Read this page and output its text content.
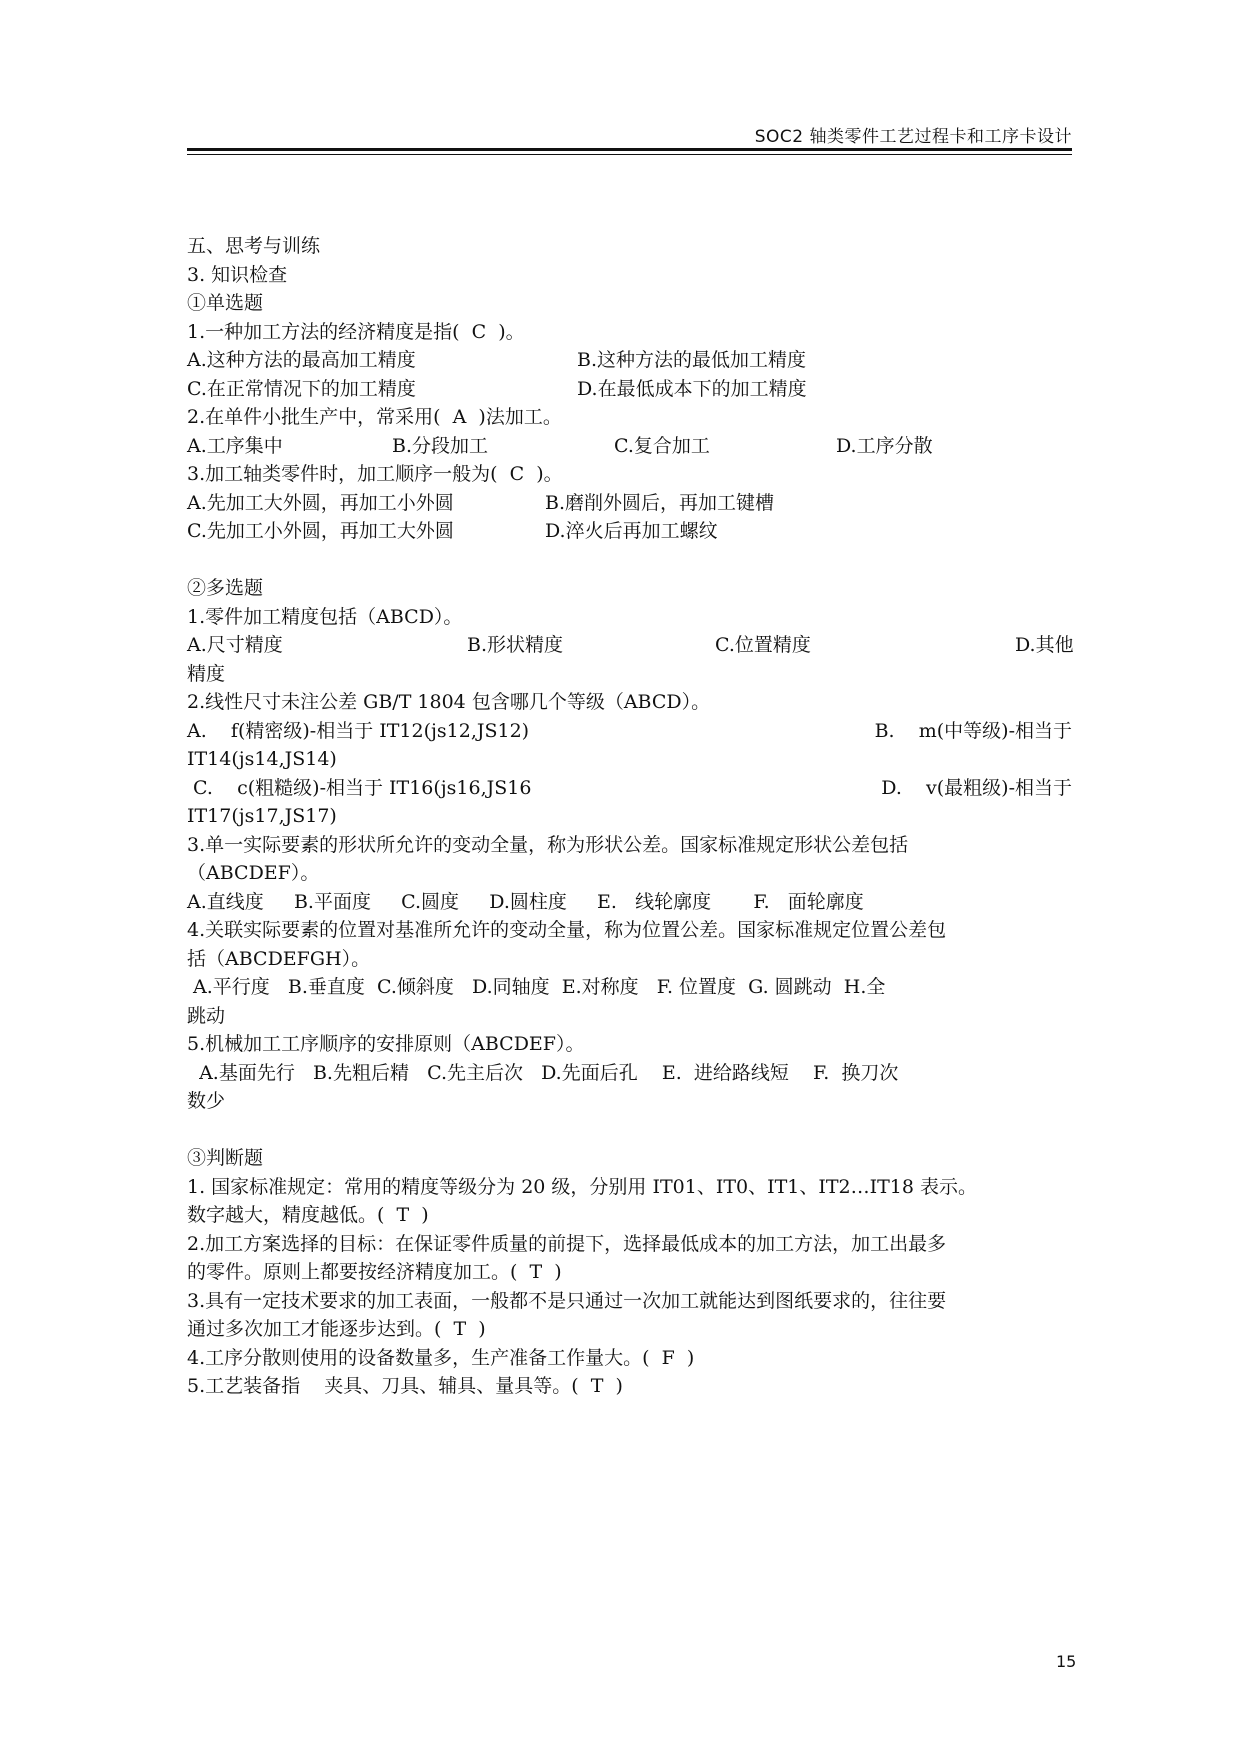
SOC2 轴类零件工艺过程卡和工序卡设计
五、思考与训练
3. 知识检查
①单选题
1.一种加工方法的经济精度是指(  C  )。
A.这种方法的最高加工精度	B.这种方法的最低加工精度
C.在正常情况下的加工精度	D.在最低成本下的加工精度
2.在单件小批生产中，常采用(  A  )法加工。
A.工序集中	B.分段加工	C.复合加工	D.工序分散
3.加工轴类零件时，加工顺序一般为(  C  )。
A.先加工大外圆，再加工小外圆	B.磨削外圆后，再加工键槽
C.先加工小外圆，再加工大外圆	D.淬火后再加工螺纹
②多选题
1.零件加工精度包括（ABCD）。
A.尺寸精度	B.形状精度	C.位置精度	D.其他
精度
2.线性尺寸未注公差 GB/T 1804 包含哪几个等级（ABCD）。
A.    f(精密级)-相当于 IT12(js12,JS12)	B.    m(中等级)-相当于
IT14(js14,JS14)
C.    c(粗糙级)-相当于 IT16(js16,JS16	D.    v(最粗级)-相当于
IT17(js17,JS17)
3.单一实际要素的形状所允许的变动全量，称为形状公差。国家标准规定形状公差包括
（ABCDEF）。
A.直线度     B.平面度     C.圆度     D.圆柱度     E.   线轮廓度       F.   面轮廓度
4.关联实际要素的位置对基准所允许的变动全量，称为位置公差。国家标准规定位置公差包
括（ABCDEFGH）。
A.平行度   B.垂直度  C.倾斜度   D.同轴度  E.对称度   F. 位置度  G. 圆跳动  H.全
跳动
5.机械加工工序顺序的安排原则（ABCDEF）。
A.基面先行   B.先粗后精   C.先主后次   D.先面后孔    E.  进给路线短    F.  换刀次
数少
③判断题
1. 国家标准规定：常用的精度等级分为 20 级，分别用 IT01、IT0、IT1、IT2…IT18 表示。
数字越大，精度越低。(  T  )
2.加工方案选择的目标：在保证零件质量的前提下，选择最低成本的加工方法，加工出最多
的零件。原则上都要按经济精度加工。(  T  )
3.具有一定技术要求的加工表面，一般都不是只通过一次加工就能达到图纸要求的，往往要
通过多次加工才能逐步达到。(  T  )
4.工序分散则使用的设备数量多，生产准备工作量大。(  F  )
5.工艺装备指    夹具、刀具、辅具、量具等。(  T  )
15
